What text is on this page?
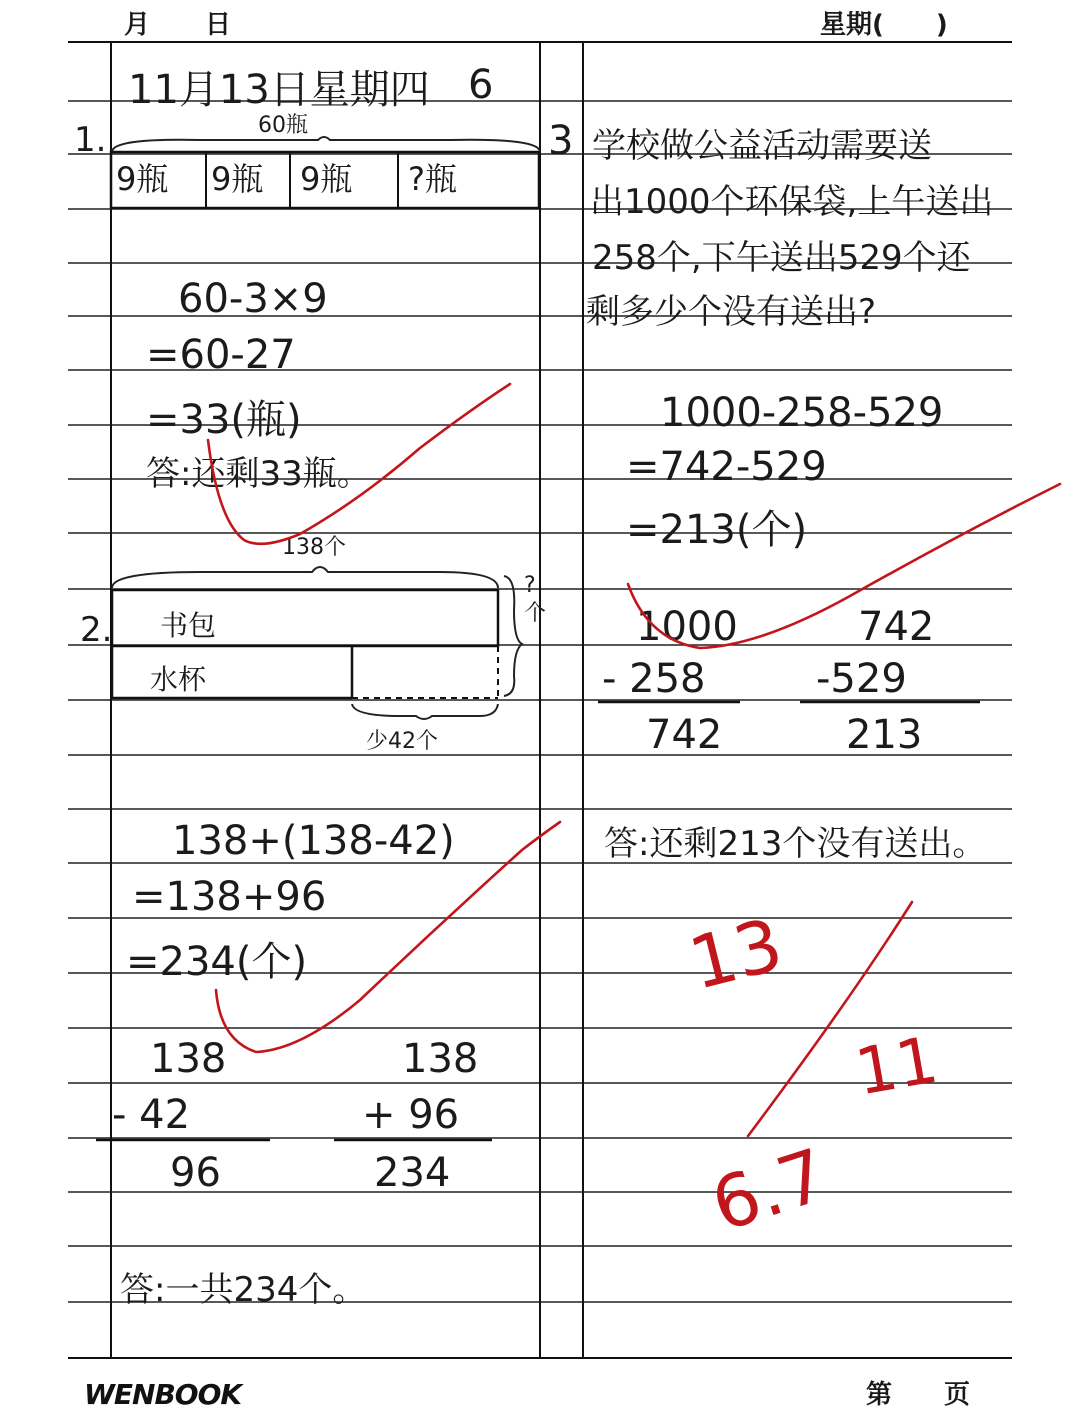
月 日	星期(　　)
11月13日星期四 6
1.	60瓶
9瓶 9瓶 9瓶 ?瓶
60-3×9
=60-27
=33(瓶)
答:还剩33瓶。
138个
2. 书包
水杯
少42个
?个
138+(138-42)
=138+96
=234(个)
138
- 42
96
138
+ 96
234
答:一共234个。
3 学校做公益活动需要送
出1000个环保袋,上午送出
258个,下午送出529个还
剩多少个没有送出?
1000-258-529
=742-529
=213(个)
1000
- 258
742
742
-529
213
答:还剩213个没有送出。
13
11
6.7
WENBOOK	第 页
